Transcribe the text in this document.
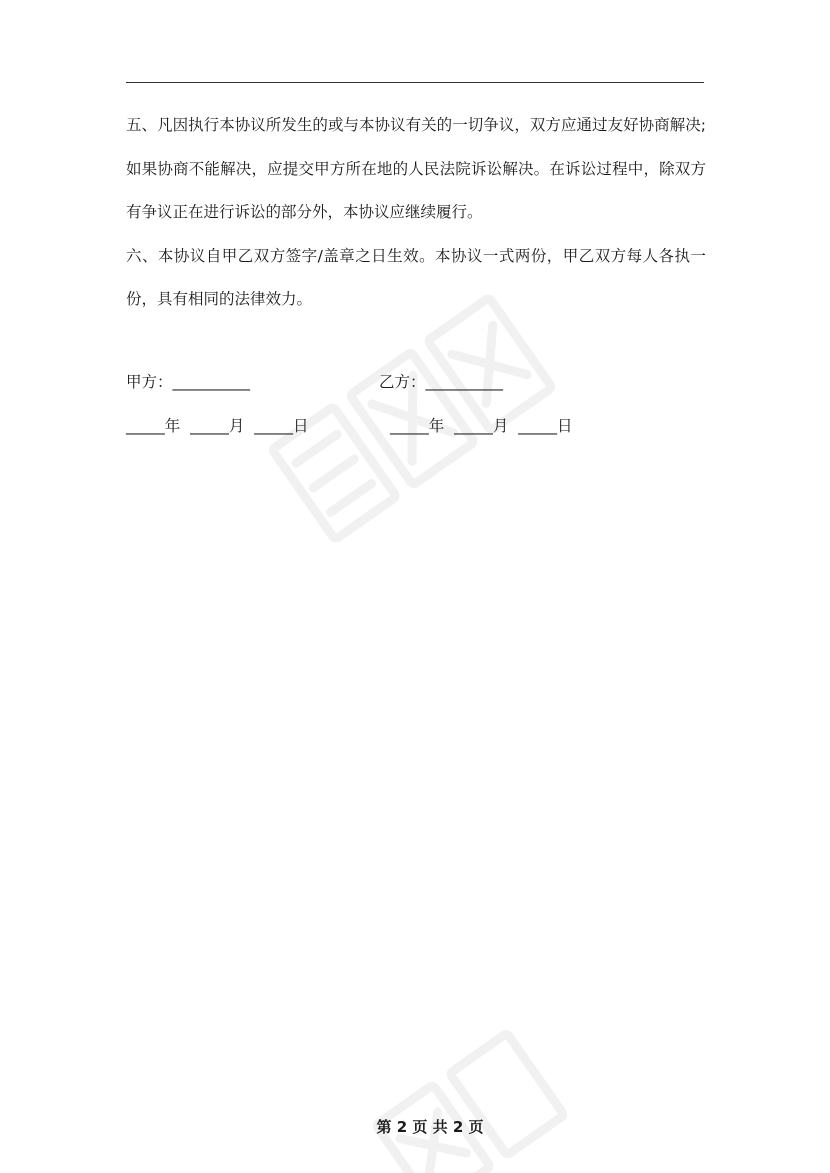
五、凡因执行本协议所发生的或与本协议有关的一切争议，双方应通过友好协商解决;如果协商不能解决，应提交甲方所在地的人民法院诉讼解决。在诉讼过程中，除双方有争议正在进行诉讼的部分外，本协议应继续履行。

六、本协议自甲乙双方签字/盖章之日生效。本协议一式两份，甲乙双方每人各执一份，具有相同的法律效力。

甲方：__________	乙方：__________
_____年  _____月  _____日	_____年  _____月  _____日
第 2 页 共 2 页
